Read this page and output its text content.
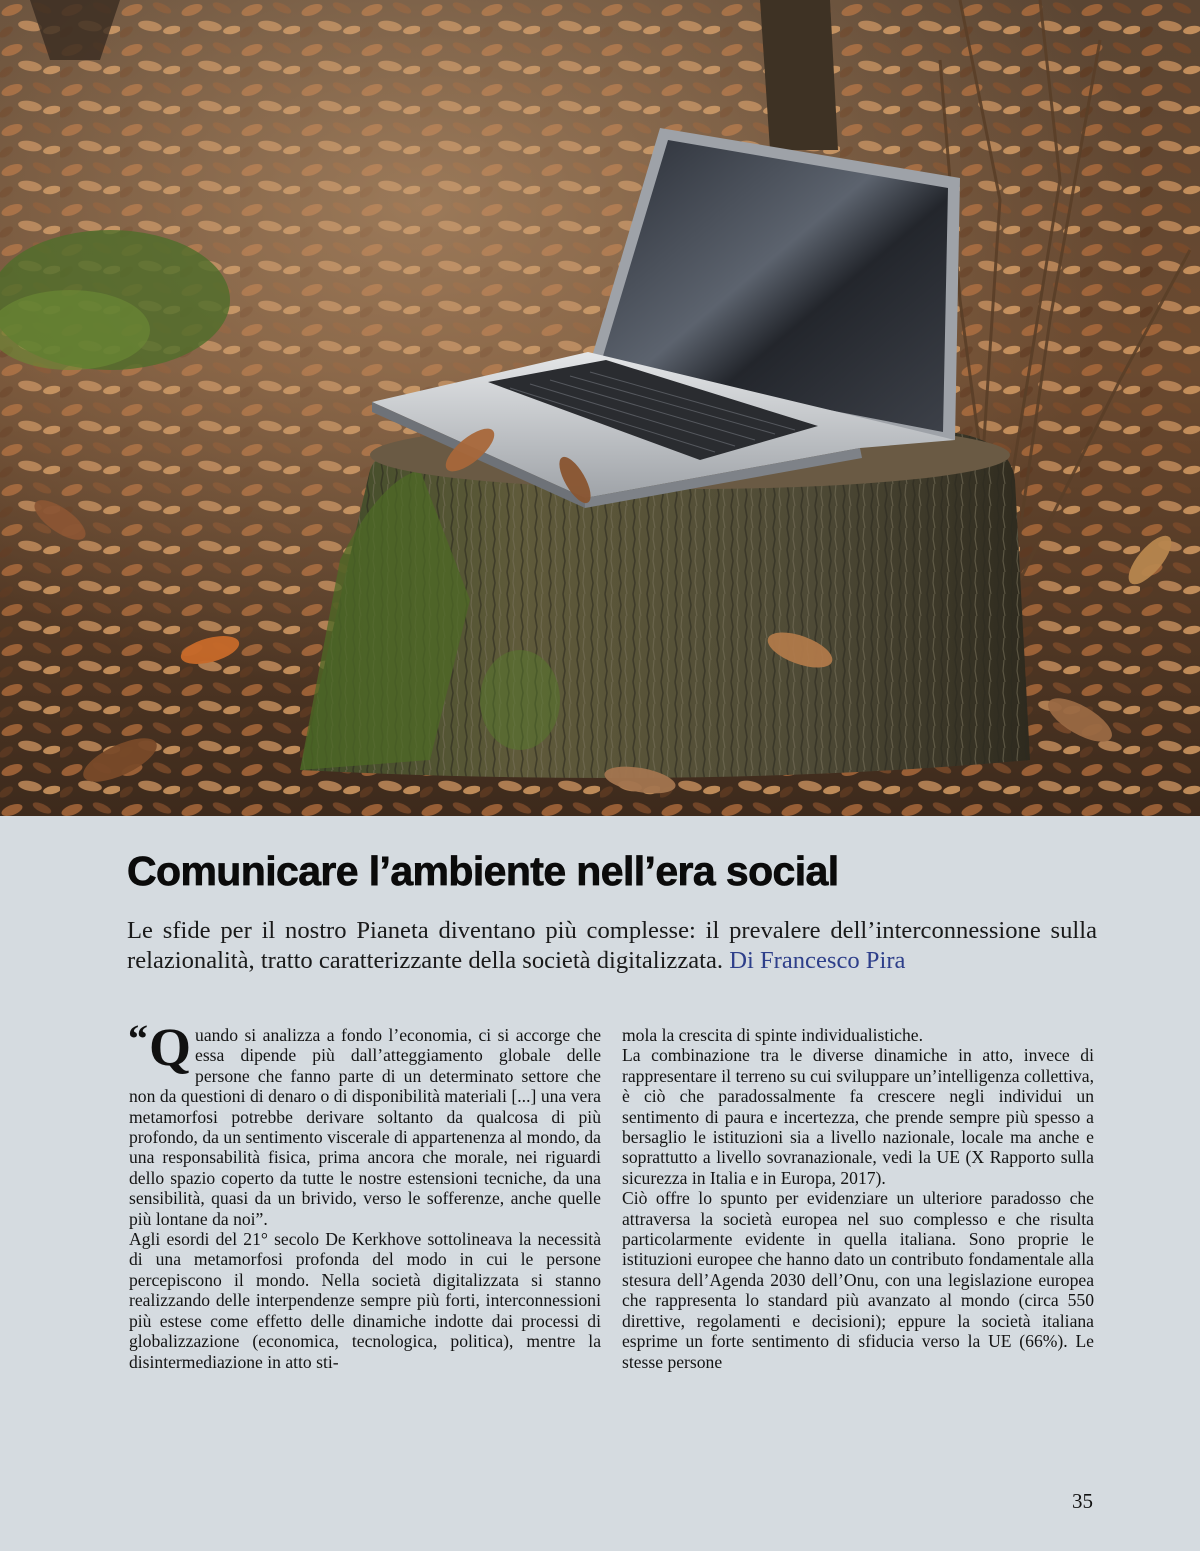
Comunicare l’ambiente nell’era social

Le sfide per il nostro Pianeta diventano più complesse: il prevalere dell’interconnessione sulla relazionalità, tratto caratterizzante della società digitalizzata. Di Francesco Pira

“ Q uando si analizza a fondo l’economia, ci si accorge che essa dipende più dall’atteggiamento globale delle persone che fanno parte di un determinato settore che non da questioni di denaro o di disponibilità materiali [...] una vera metamorfosi potrebbe derivare soltanto da qualcosa di più profondo, da un sentimento viscerale di appartenenza al mondo, da una responsabilità fisica, prima ancora che morale, nei riguardi dello spazio coperto da tutte le nostre estensioni tecniche, da una sensibilità, quasi da un brivido, verso le sofferenze, anche quelle più lontane da noi”.

Agli esordi del 21° secolo De Kerkhove sottolineava la necessità di una metamorfosi profonda del modo in cui le persone percepiscono il mondo. Nella società digitalizzata si stanno realizzando delle interpendenze sempre più forti, interconnessioni più estese come effetto delle dinamiche indotte dai processi di globalizzazione (economica, tecnologica, politica), mentre la disintermediazione in atto sti-

mola la crescita di spinte individualistiche.

La combinazione tra le diverse dinamiche in atto, invece di rappresentare il terreno su cui sviluppare un’intelligenza collettiva, è ciò che paradossalmente fa crescere negli individui un sentimento di paura e incertezza, che prende sempre più spesso a bersaglio le istituzioni sia a livello nazionale, locale ma anche e soprattutto a livello sovranazionale, vedi la UE (X Rapporto sulla sicurezza in Italia e in Europa, 2017).

Ciò offre lo spunto per evidenziare un ulteriore paradosso che attraversa la società europea nel suo complesso e che risulta particolarmente evidente in quella italiana. Sono proprie le istituzioni europee che hanno dato un contributo fondamentale alla stesura dell’Agenda 2030 dell’Onu, con una legislazione europea che rappresenta lo standard più avanzato al mondo (circa 550 direttive, regolamenti e decisioni); eppure la società italiana esprime un forte sentimento di sfiducia verso la UE (66%). Le stesse persone

35
